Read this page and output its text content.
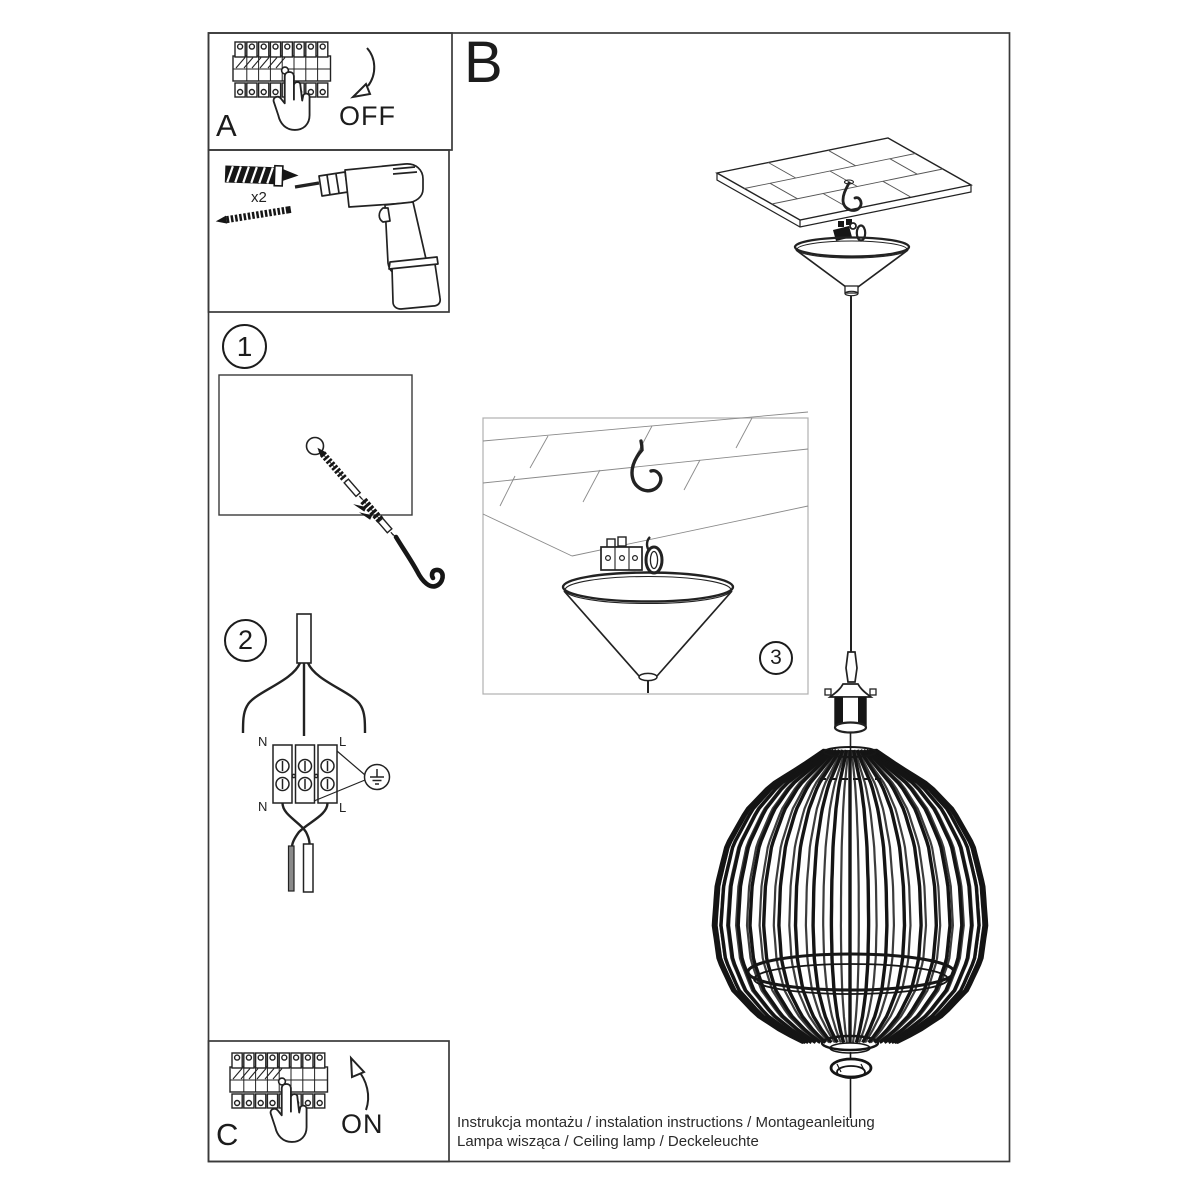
A	OFF
x2
1
2
3
N	L
N	L
B
C	ON	Instrukcja montażu / instalation instructions / Montageanleitung
Lampa wisząca / Ceiling lamp / Deckeleuchte
